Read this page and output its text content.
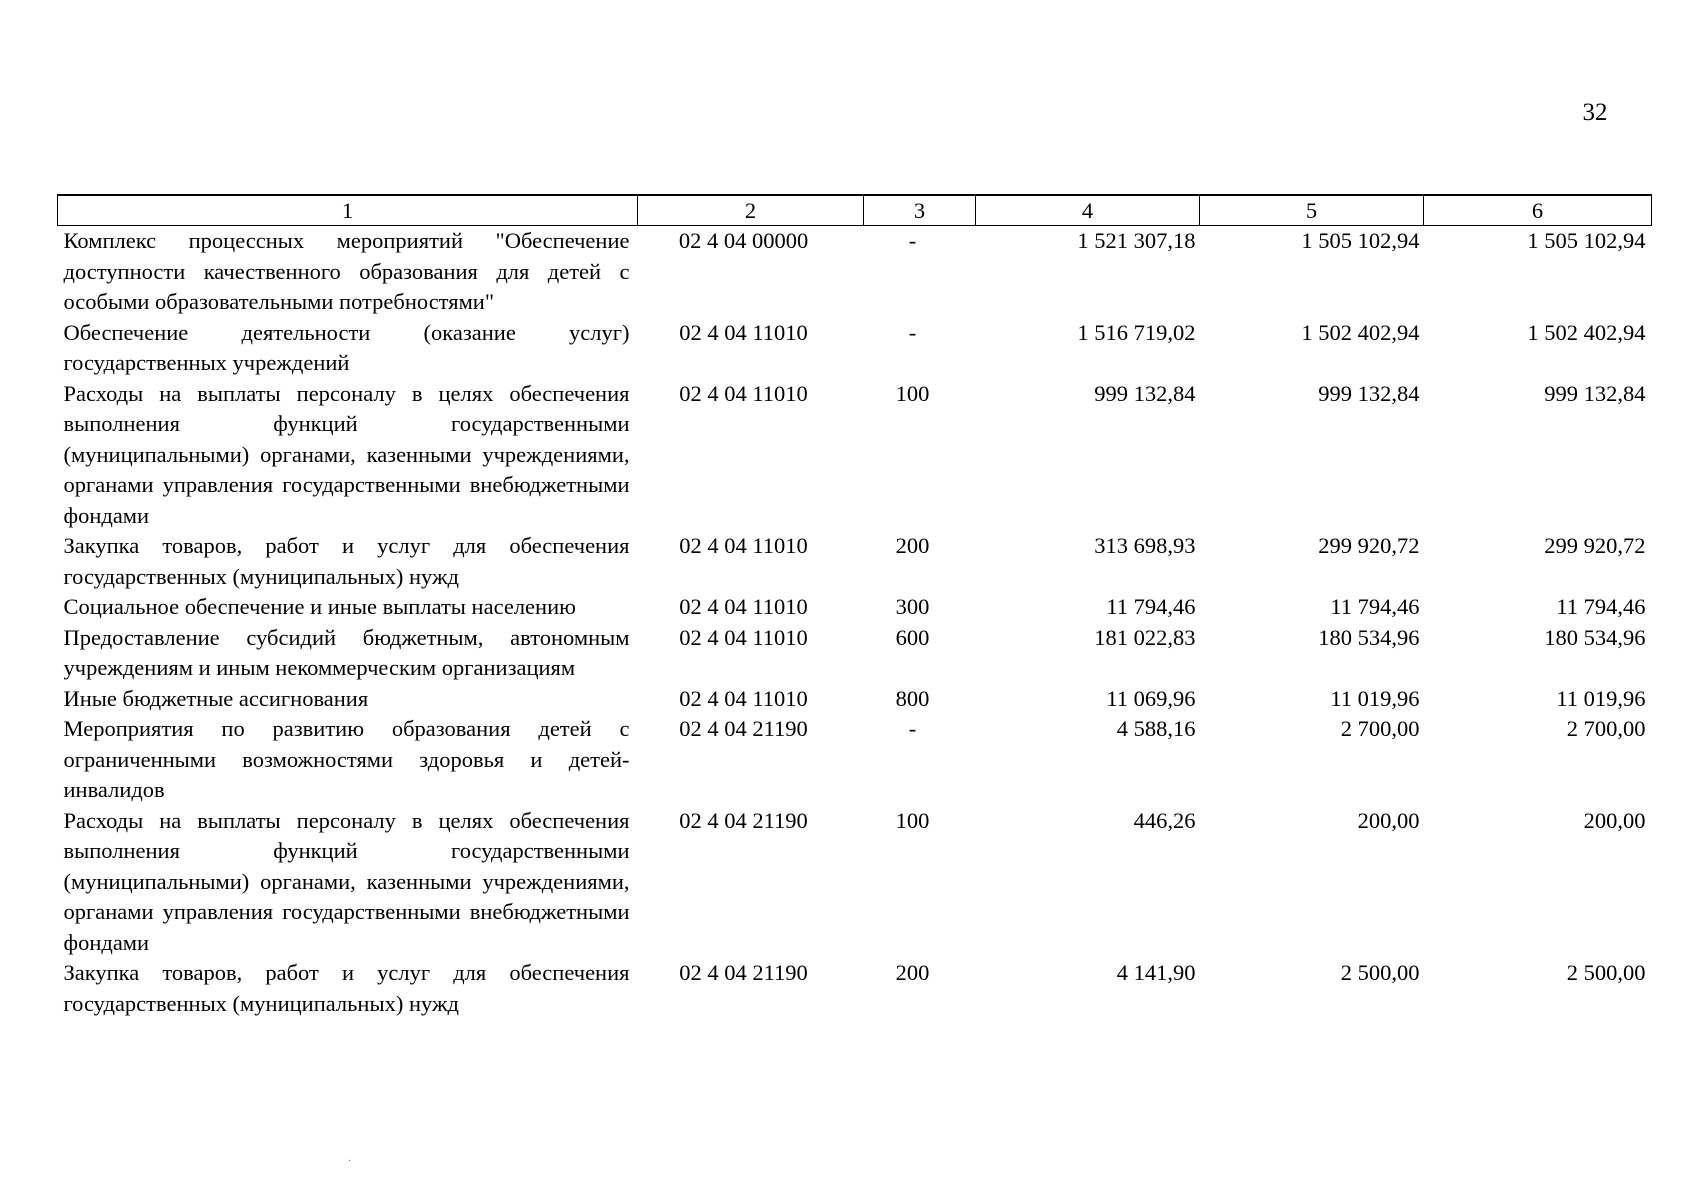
32
1	2	3	4	5	6
Комплекс процессных мероприятий "Обеспечение доступности качественного образования для детей с особыми образовательными потребностями"	02 4 04 00000	-	1 521 307,18	1 505 102,94	1 505 102,94
Обеспечение деятельности (оказание услуг) государственных учреждений	02 4 04 11010	-	1 516 719,02	1 502 402,94	1 502 402,94
Расходы на выплаты персоналу в целях обеспечения выполнения функций государственными (муниципальными) органами, казенными учреждениями, органами управления государственными внебюджетными фондами	02 4 04 11010	100	999 132,84	999 132,84	999 132,84
Закупка товаров, работ и услуг для обеспечения государственных (муниципальных) нужд	02 4 04 11010	200	313 698,93	299 920,72	299 920,72
Социальное обеспечение и иные выплаты населению	02 4 04 11010	300	11 794,46	11 794,46	11 794,46
Предоставление субсидий бюджетным, автономным учреждениям и иным некоммерческим организациям	02 4 04 11010	600	181 022,83	180 534,96	180 534,96
Иные бюджетные ассигнования	02 4 04 11010	800	11 069,96	11 019,96	11 019,96
Мероприятия по развитию образования детей с ограниченными возможностями здоровья и детей-инвалидов	02 4 04 21190	-	4 588,16	2 700,00	2 700,00
Расходы на выплаты персоналу в целях обеспечения выполнения функций государственными (муниципальными) органами, казенными учреждениями, органами управления государственными внебюджетными фондами	02 4 04 21190	100	446,26	200,00	200,00
Закупка товаров, работ и услуг для обеспечения государственных (муниципальных) нужд	02 4 04 21190	200	4 141,90	2 500,00	2 500,00
·
